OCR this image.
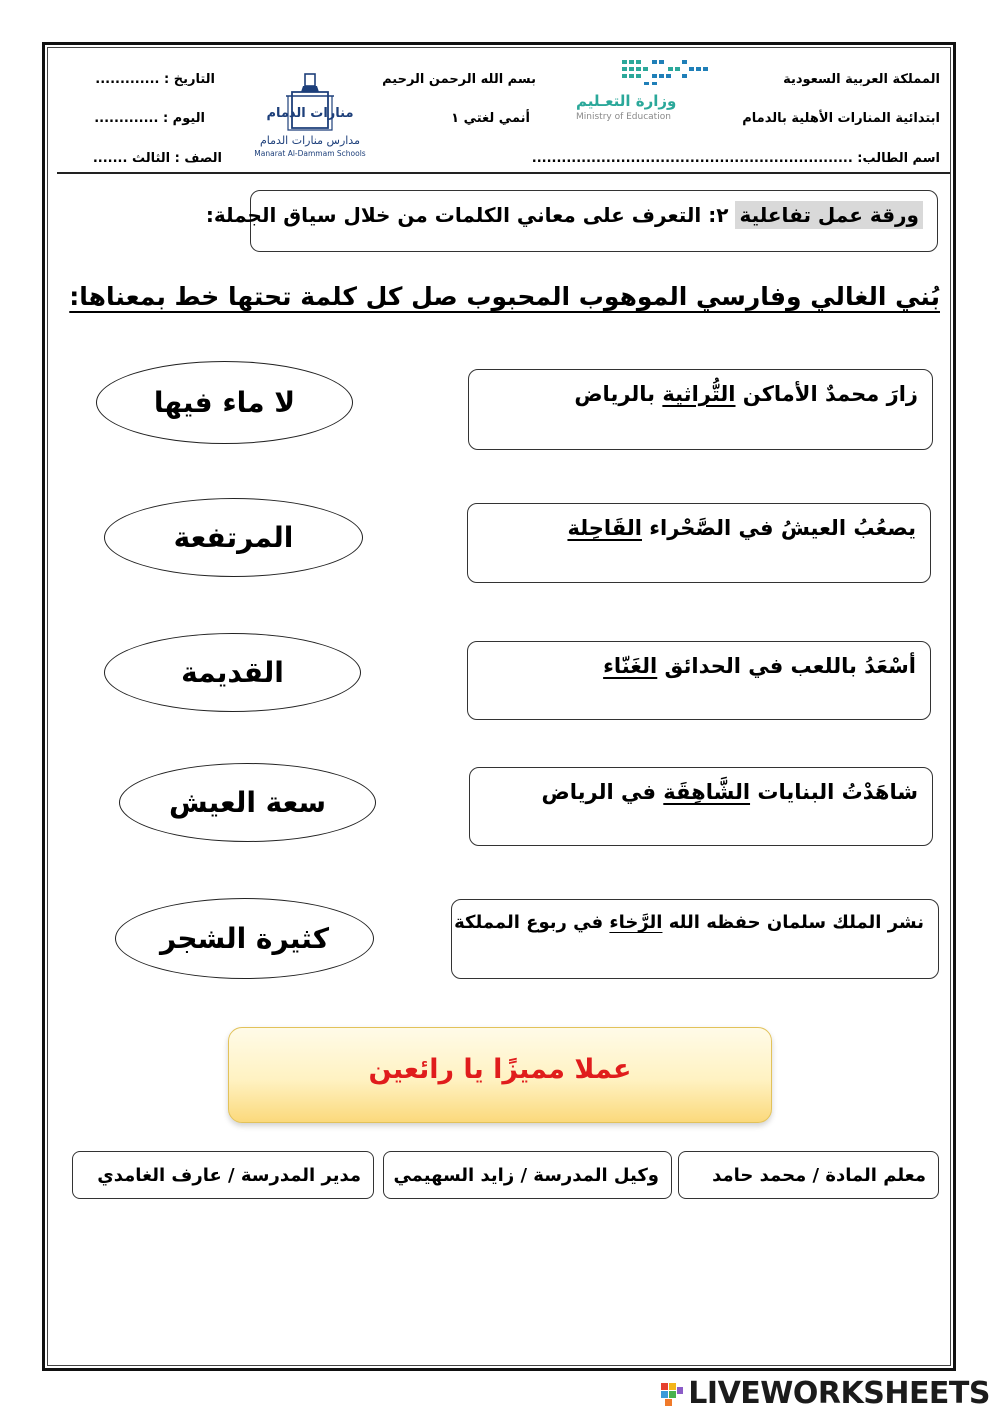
المملكة العربية السعودية
ابتدائية المنارات الأهلية بالدمام
اسم الطالب: .................................................................
وزارة التعـليم
Ministry of Education
بسم الله الرحمن الرحيم
أنمي لغتي ١
منارات الدمام
مدارس منارات الدمام
Manarat Al-Dammam Schools
التاريخ : .............
اليوم : .............
الصف : الثالث .......
ورقة عمل تفاعلية ٢: التعرف على معاني الكلمات من خلال سياق الجملة:
بُني الغالي وفارسي الموهوب المحبوب صل كل كلمة تحتها خط بمعناها:
زارَ محمدٌ الأماكن التُّراثية بالرياض
يصعُبُ العيشُ في الصَّحْراء القَاحِلة
أسْعَدُ باللعب في الحدائق الغَنّاء
شاهَدْتُ البنايات الشَّاهِقَة في الرياض
نشر الملك سلمان حفظه الله الرَّخاء في ربوع المملكة
لا ماء فيها
المرتفعة
القديمة
سعة العيش
كثيرة الشجر
عملا مميزًا يا رائعين
معلم المادة / محمد حامد
وكيل المدرسة / زايد السهيمي
مدير المدرسة / عارف الغامدي
LIVEWORKSHEETS
